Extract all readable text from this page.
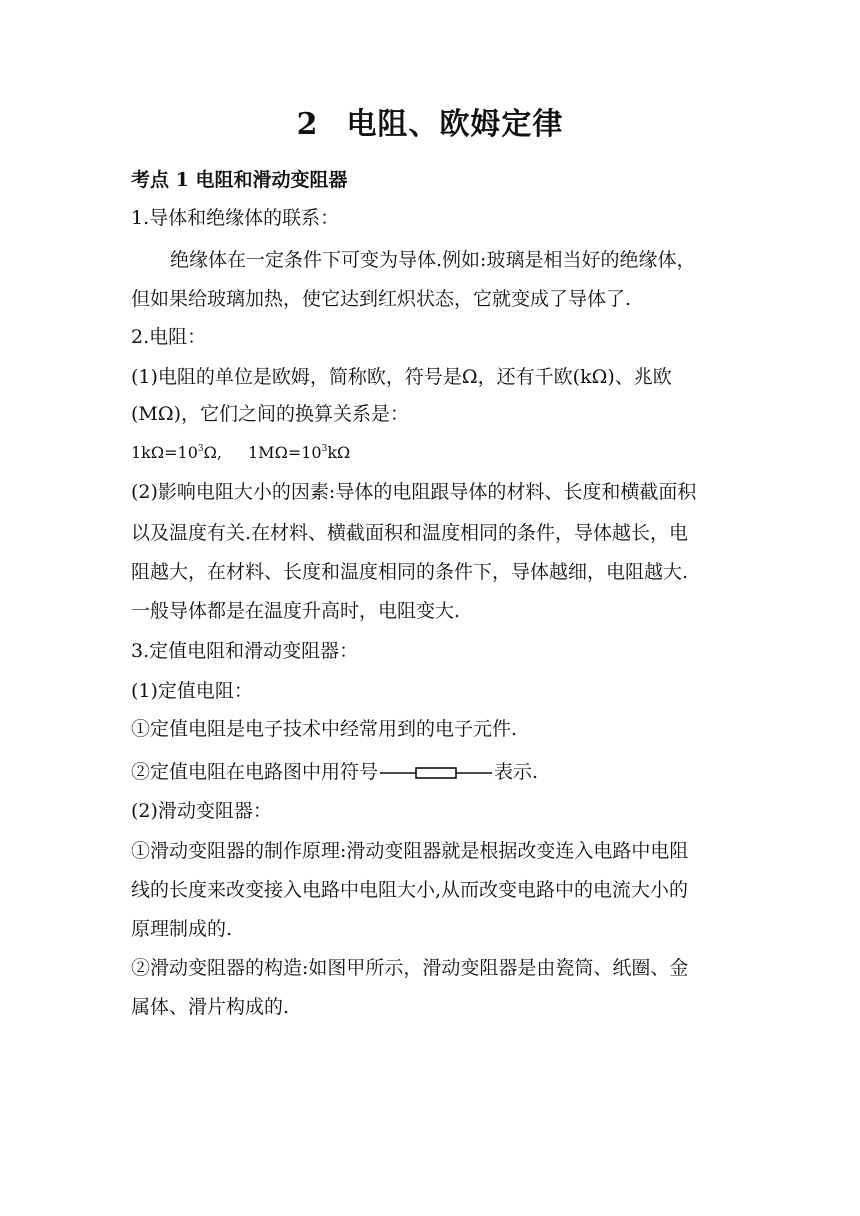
2 电阻、欧姆定律
考点 1 电阻和滑动变阻器
1.导体和绝缘体的联系：
绝缘体在一定条件下可变为导体.例如:玻璃是相当好的绝缘体，
但如果给玻璃加热，使它达到红炽状态，它就变成了导体了.
2.电阻：
(1)电阻的单位是欧姆，简称欧，符号是Ω，还有千欧(kΩ)、兆欧
(MΩ)，它们之间的换算关系是：
$1k\Omega=10^3\Omega$, $1M\Omega=10^3k\Omega$
(2)影响电阻大小的因素:导体的电阻跟导体的材料、长度和横截面积
以及温度有关.在材料、横截面积和温度相同的条件，导体越长，电
阻越大，在材料、长度和温度相同的条件下，导体越细，电阻越大.
一般导体都是在温度升高时，电阻变大.
3.定值电阻和滑动变阻器：
(1)定值电阻：
①定值电阻是电子技术中经常用到的电子元件.
②定值电阻在电路图中用符号	表示.
(2)滑动变阻器：
①滑动变阻器的制作原理:滑动变阻器就是根据改变连入电路中电阻
线的长度来改变接入电路中电阻大小,从而改变电路中的电流大小的
原理制成的.
②滑动变阻器的构造:如图甲所示，滑动变阻器是由瓷筒、纸圈、金
属体、滑片构成的.
